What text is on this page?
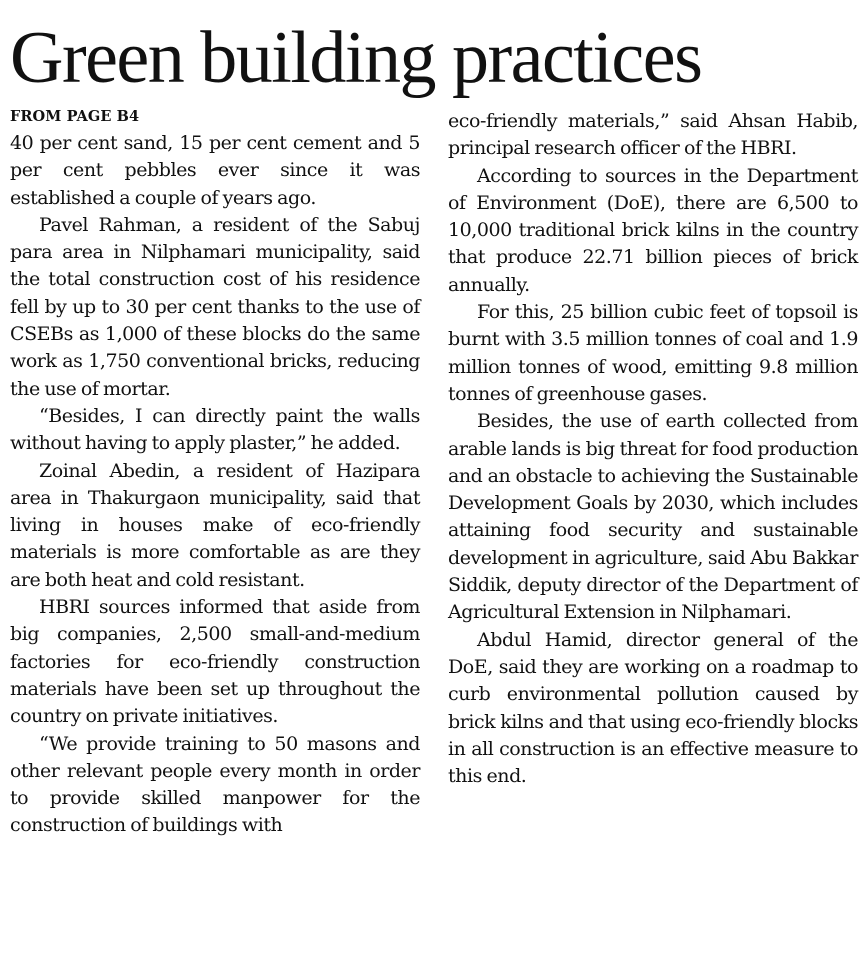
Green building practices
FROM PAGE B4

40 per cent sand, 15 per cent cement and 5 per cent pebbles ever since it was established a couple of years ago.

Pavel Rahman, a resident of the Sabuj para area in Nilphamari municipality, said the total construction cost of his residence fell by up to 30 per cent thanks to the use of CSEBs as 1,000 of these blocks do the same work as 1,750 conventional bricks, reducing the use of mortar.

“Besides, I can directly paint the walls without having to apply plaster,” he added.

Zoinal Abedin, a resident of Hazipara area in Thakurgaon municipality, said that living in houses make of eco-friendly materials is more comfortable as are they are both heat and cold resistant.

HBRI sources informed that aside from big companies, 2,500 small-and-medium factories for eco-friendly construction materials have been set up throughout the country on private initiatives.

“We provide training to 50 masons and other relevant people every month in order to provide skilled manpower for the construction of buildings with

eco-friendly materials,” said Ahsan Habib, principal research officer of the HBRI.

According to sources in the Department of Environment (DoE), there are 6,500 to 10,000 traditional brick kilns in the country that produce 22.71 billion pieces of brick annually.

For this, 25 billion cubic feet of topsoil is burnt with 3.5 million tonnes of coal and 1.9 million tonnes of wood, emitting 9.8 million tonnes of greenhouse gases.

Besides, the use of earth collected from arable lands is big threat for food production and an obstacle to achieving the Sustainable Development Goals by 2030, which includes attaining food security and sustainable development in agriculture, said Abu Bakkar Siddik, deputy director of the Department of Agricultural Extension in Nilphamari.

Abdul Hamid, director general of the DoE, said they are working on a roadmap to curb environmental pollution caused by brick kilns and that using eco-friendly blocks in all construction is an effective measure to this end.
